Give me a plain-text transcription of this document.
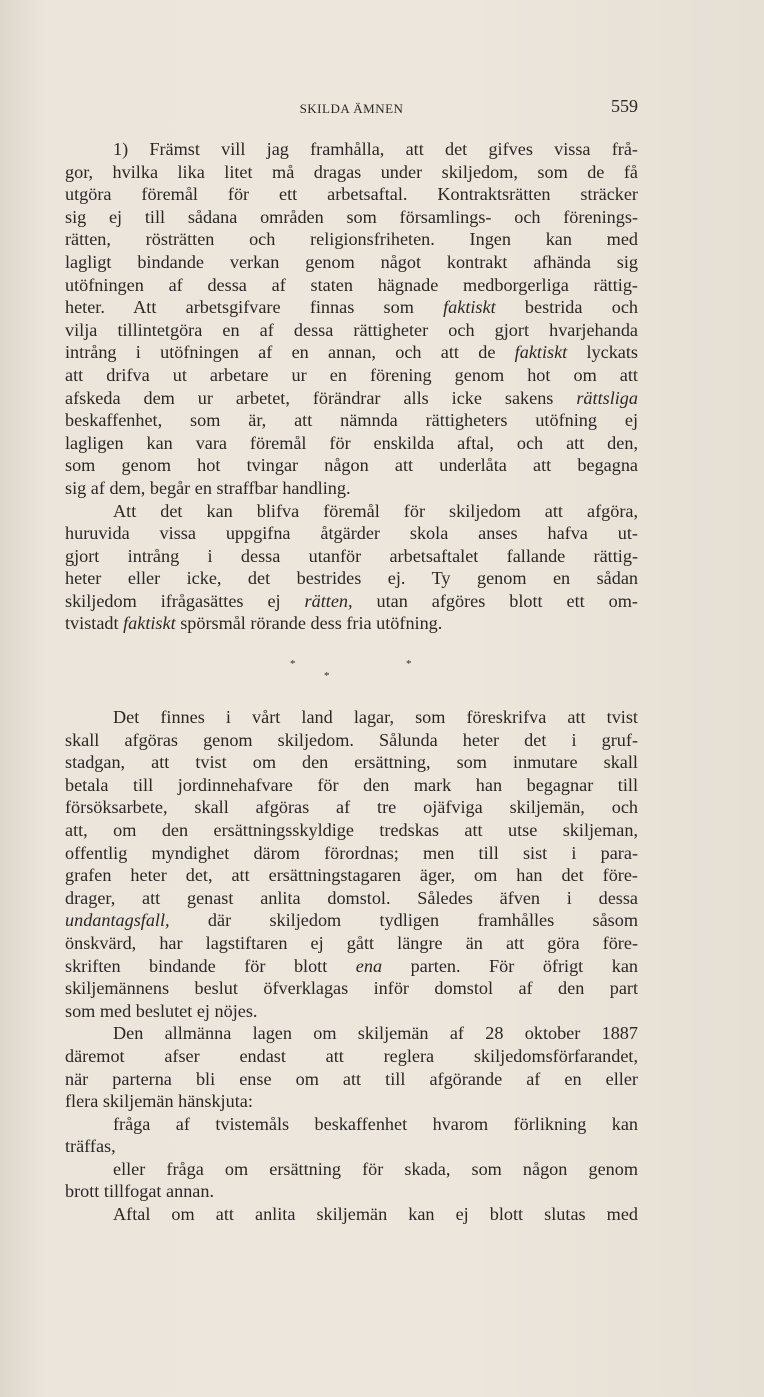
SKILDA ÄMNEN	559
1) Främst vill jag framhålla, att det gifves vissa frå-
gor, hvilka lika litet må dragas under skiljedom, som de få
utgöra föremål för ett arbetsaftal. Kontraktsrätten sträcker
sig ej till sådana områden som församlings- och förenings-
rätten, rösträtten och religionsfriheten. Ingen kan med
lagligt bindande verkan genom något kontrakt afhända sig
utöfningen af dessa af staten hägnade medborgerliga rättig-
heter. Att arbetsgifvare finnas som faktiskt bestrida och
vilja tillintetgöra en af dessa rättigheter och gjort hvarjehanda
intrång i utöfningen af en annan, och att de faktiskt lyckats
att drifva ut arbetare ur en förening genom hot om att
afskeda dem ur arbetet, förändrar alls icke sakens rättsliga
beskaffenhet, som är, att nämnda rättigheters utöfning ej
lagligen kan vara föremål för enskilda aftal, och att den,
som genom hot tvingar någon att underlåta att begagna
sig af dem, begår en straffbar handling.
Att det kan blifva föremål för skiljedom att afgöra,
huruvida vissa uppgifna åtgärder skola anses hafva ut-
gjort intrång i dessa utanför arbetsaftalet fallande rättig-
heter eller icke, det bestrides ej. Ty genom en sådan
skiljedom ifrågasättes ej rätten, utan afgöres blott ett om-
tvistadt faktiskt spörsmål rörande dess fria utöfning.
*
*
*
Det finnes i vårt land lagar, som föreskrifva att tvist
skall afgöras genom skiljedom. Sålunda heter det i gruf-
stadgan, att tvist om den ersättning, som inmutare skall
betala till jordinnehafvare för den mark han begagnar till
försöksarbete, skall afgöras af tre ojäfviga skiljemän, och
att, om den ersättningsskyldige tredskas att utse skiljeman,
offentlig myndighet därom förordnas; men till sist i para-
grafen heter det, att ersättningstagaren äger, om han det före-
drager, att genast anlita domstol. Således äfven i dessa
undantagsfall, där skiljedom tydligen framhålles såsom
önskvärd, har lagstiftaren ej gått längre än att göra före-
skriften bindande för blott ena parten. För öfrigt kan
skiljemännens beslut öfverklagas inför domstol af den part
som med beslutet ej nöjes.
Den allmänna lagen om skiljemän af 28 oktober 1887
däremot afser endast att reglera skiljedomsförfarandet,
när parterna bli ense om att till afgörande af en eller
flera skiljemän hänskjuta:
fråga af tvistemåls beskaffenhet hvarom förlikning kan
träffas,
eller fråga om ersättning för skada, som någon genom
brott tillfogat annan.
Aftal om att anlita skiljemän kan ej blott slutas med
